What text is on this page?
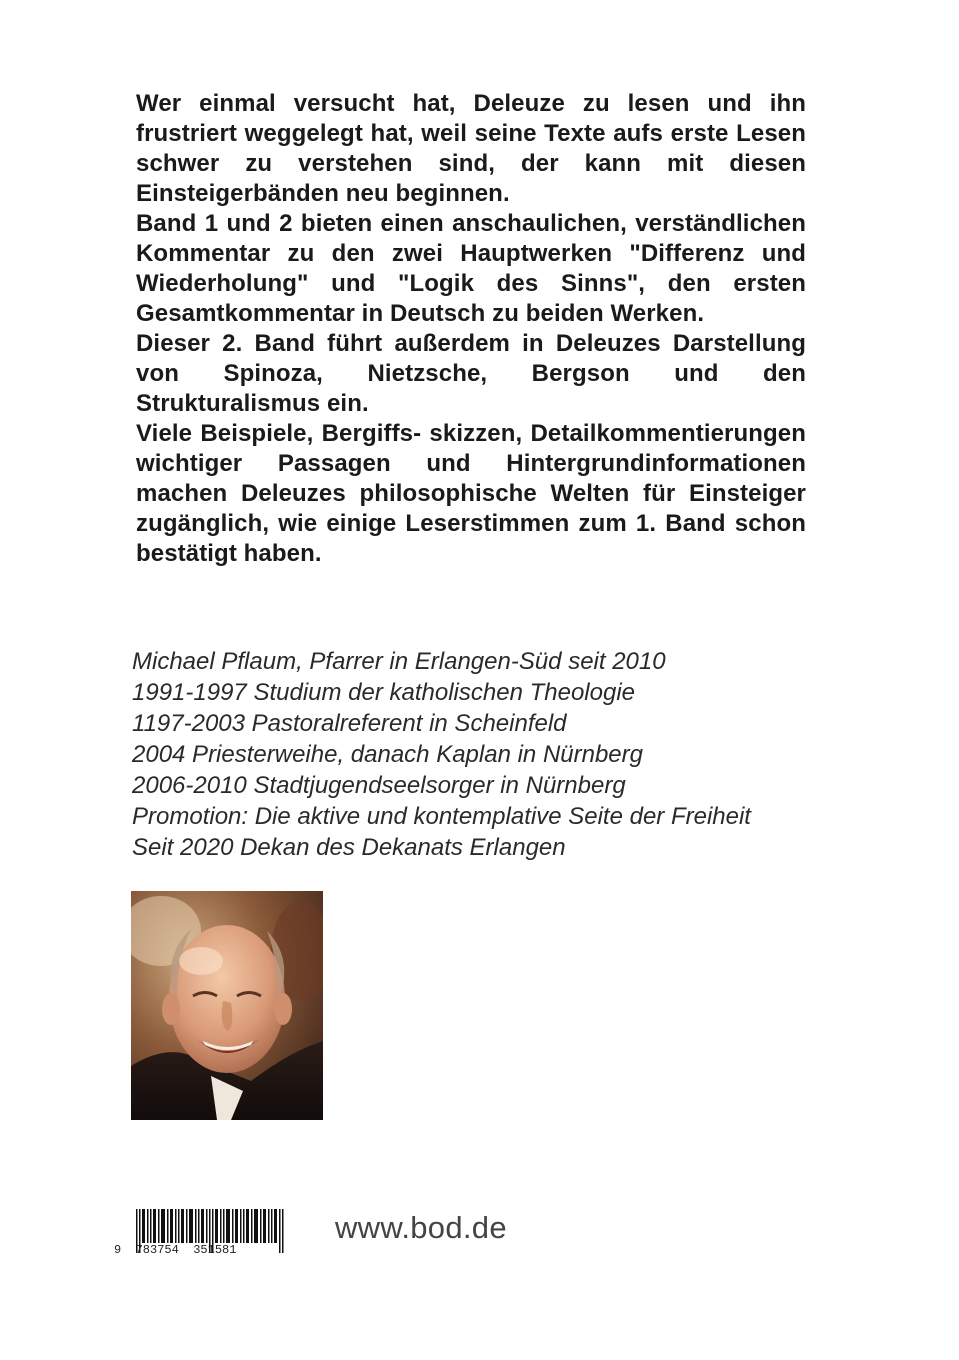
Wer einmal versucht hat, Deleuze zu lesen und ihn frustriert weggelegt hat, weil seine Texte aufs erste Lesen schwer zu verstehen sind, der kann mit diesen Einsteigerbänden neu beginnen.

Band 1 und 2 bieten einen anschaulichen, verständlichen Kommentar zu den zwei Hauptwerken "Differenz und Wiederholung" und "Logik des Sinns", den ersten Gesamtkommentar in Deutsch zu beiden Werken.

Dieser 2. Band führt außerdem in Deleuzes Darstellung von Spinoza, Nietzsche, Bergson und den Strukturalismus ein.

Viele Beispiele, Bergiffs- skizzen, Detailkommentierungen wichtiger Passagen und Hintergrundinformationen machen Deleuzes philosophische Welten für Einsteiger zugänglich, wie einige Leserstimmen zum 1. Band schon bestätigt haben.

Michael Pflaum, Pfarrer in Erlangen-Süd seit 2010
1991-1997 Studium der katholischen Theologie
1197-2003 Pastoralreferent in Scheinfeld
2004 Priesterweihe, danach Kaplan in Nürnberg
2006-2010 Stadtjugendseelsorger in Nürnberg
Promotion: Die aktive und kontemplative Seite der Freiheit
Seit 2020 Dekan des Dekanats Erlangen
9 783754 351581
www.bod.de
